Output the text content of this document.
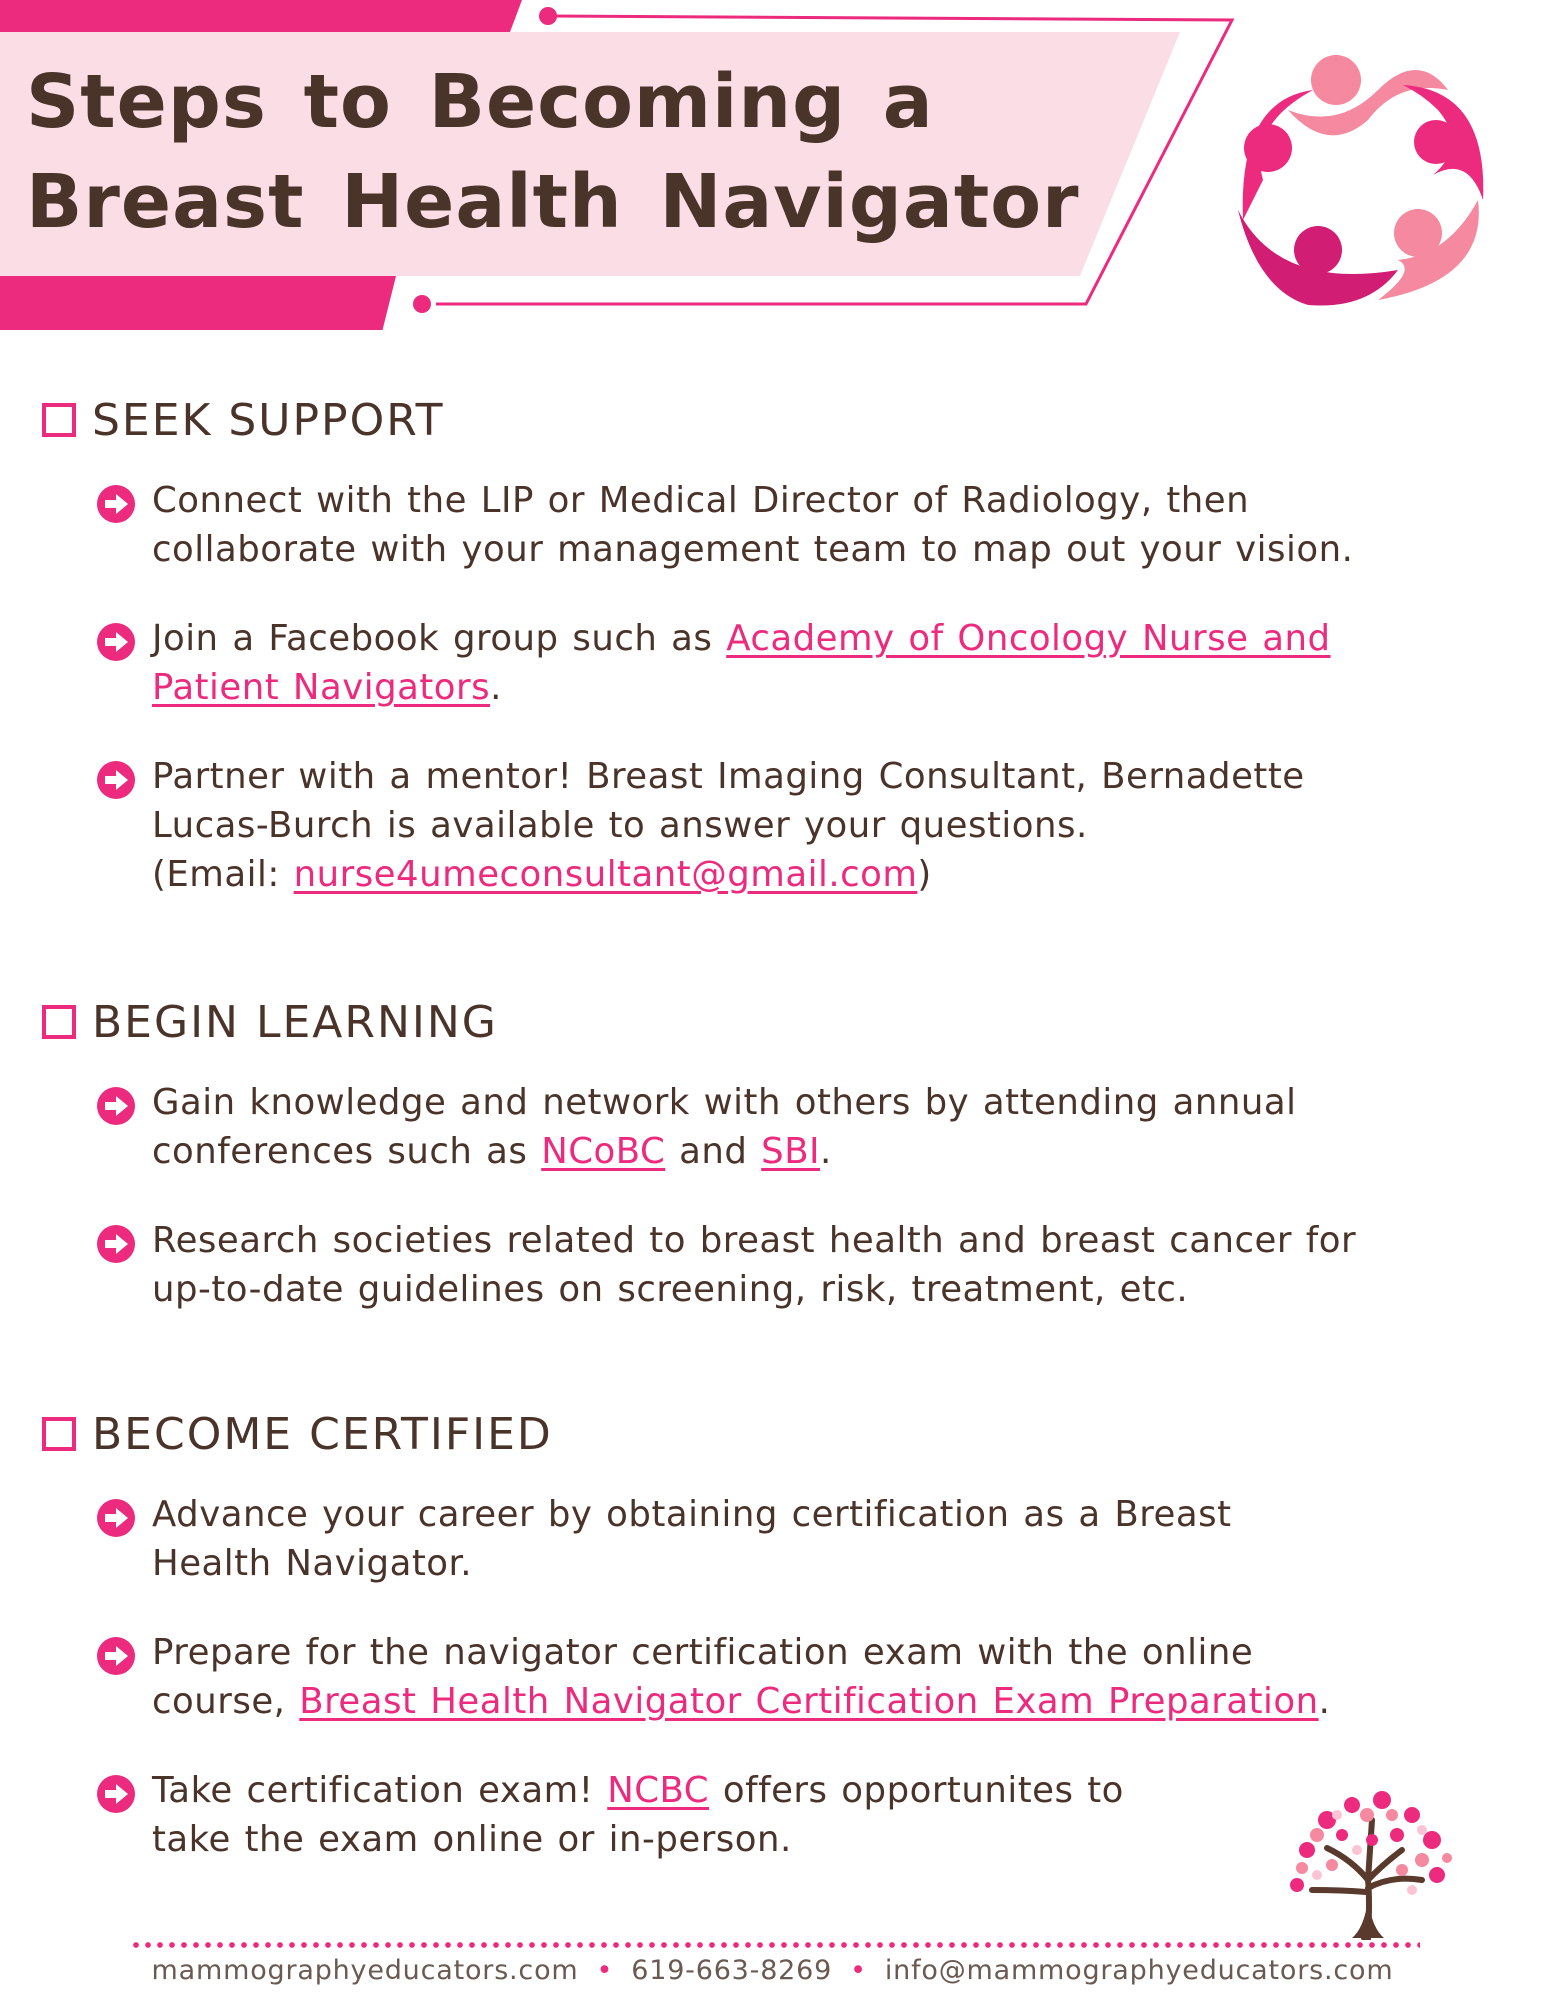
Steps to Becoming a
Breast Health Navigator
SEEK SUPPORT
Connect with the LIP or Medical Director of Radiology, then
collaborate with your management team to map out your vision.
Join a Facebook group such as Academy of Oncology Nurse and
Patient Navigators.
Partner with a mentor! Breast Imaging Consultant, Bernadette
Lucas-Burch is available to answer your questions.
(Email: nurse4umeconsultant@gmail.com)
BEGIN LEARNING
Gain knowledge and network with others by attending annual
conferences such as NCoBC and SBI.
Research societies related to breast health and breast cancer for
up-to-date guidelines on screening, risk, treatment, etc.
BECOME CERTIFIED
Advance your career by obtaining certification as a Breast
Health Navigator.
Prepare for the navigator certification exam with the online
course, Breast Health Navigator Certification Exam Preparation.
Take certification exam! NCBC offers opportunites to
take the exam online or in-person.
mammographyeducators.com • 619-663-8269 • info@mammographyeducators.com
